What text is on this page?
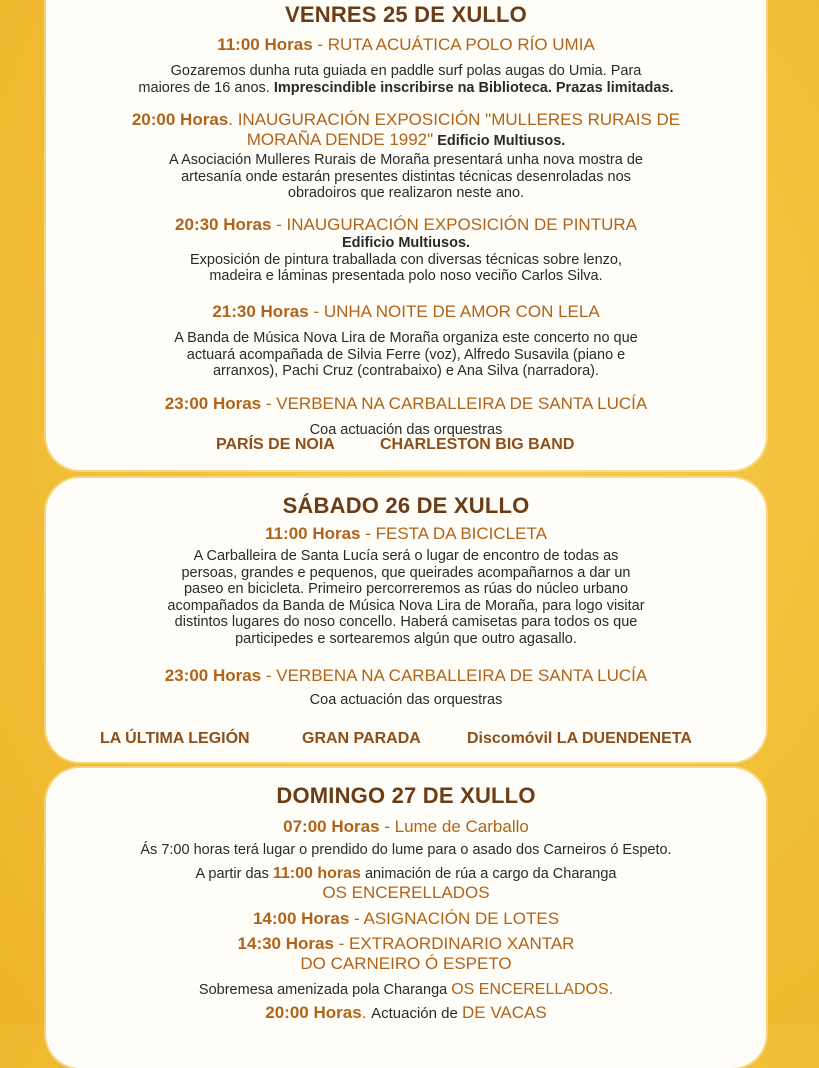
VENRES 25 DE XULLO
11:00 Horas - RUTA ACUÁTICA POLO RÍO UMIA
Gozaremos dunha ruta guiada en paddle surf polas augas do Umia. Para
maiores de 16 anos. Imprescindible inscribirse na Biblioteca. Prazas limitadas.
20:00 Horas. INAUGURACIÓN EXPOSICIÓN "MULLERES RURAIS DE
MORAÑA DENDE 1992" Edificio Multiusos.
A Asociación Mulleres Rurais de Moraña presentará unha nova mostra de
artesanía onde estarán presentes distintas técnicas desenroladas nos
obradoiros que realizaron neste ano.
20:30 Horas - INAUGURACIÓN EXPOSICIÓN DE PINTURA
Edificio Multiusos.
Exposición de pintura traballada con diversas técnicas sobre lenzo,
madeira e láminas presentada polo noso veciño Carlos Silva.
21:30 Horas - UNHA NOITE DE AMOR CON LELA
A Banda de Música Nova Lira de Moraña organiza este concerto no que
actuará acompañada de Silvia Ferre (voz), Alfredo Susavila (piano e
arranxos), Pachi Cruz (contrabaixo) e Ana Silva (narradora).
23:00 Horas - VERBENA NA CARBALLEIRA DE SANTA LUCÍA
Coa actuación das orquestras
PARÍS DE NOIA	CHARLESTON BIG BAND
SÁBADO 26 DE XULLO
11:00 Horas - FESTA DA BICICLETA
A Carballeira de Santa Lucía será o lugar de encontro de todas as
persoas, grandes e pequenos, que queirades acompañarnos a dar un
paseo en bicicleta. Primeiro percorreremos as rúas do núcleo urbano
acompañados da Banda de Música Nova Lira de Moraña, para logo visitar
distintos lugares do noso concello. Haberá camisetas para todos os que
participedes e sortearemos algún que outro agasallo.
23:00 Horas - VERBENA NA CARBALLEIRA DE SANTA LUCÍA
Coa actuación das orquestras
LA ÚLTIMA LEGIÓN	GRAN PARADA	Discomóvil LA DUENDENETA
DOMINGO 27 DE XULLO
07:00 Horas - Lume de Carballo
Ás 7:00 horas terá lugar o prendido do lume para o asado dos Carneiros ó Espeto.
A partir das 11:00 horas animación de rúa a cargo da Charanga
OS ENCERELLADOS
14:00 Horas - ASIGNACIÓN DE LOTES
14:30 Horas - EXTRAORDINARIO XANTAR
DO CARNEIRO Ó ESPETO
Sobremesa amenizada pola Charanga OS ENCERELLADOS.
20:00 Horas. Actuación de DE VACAS
